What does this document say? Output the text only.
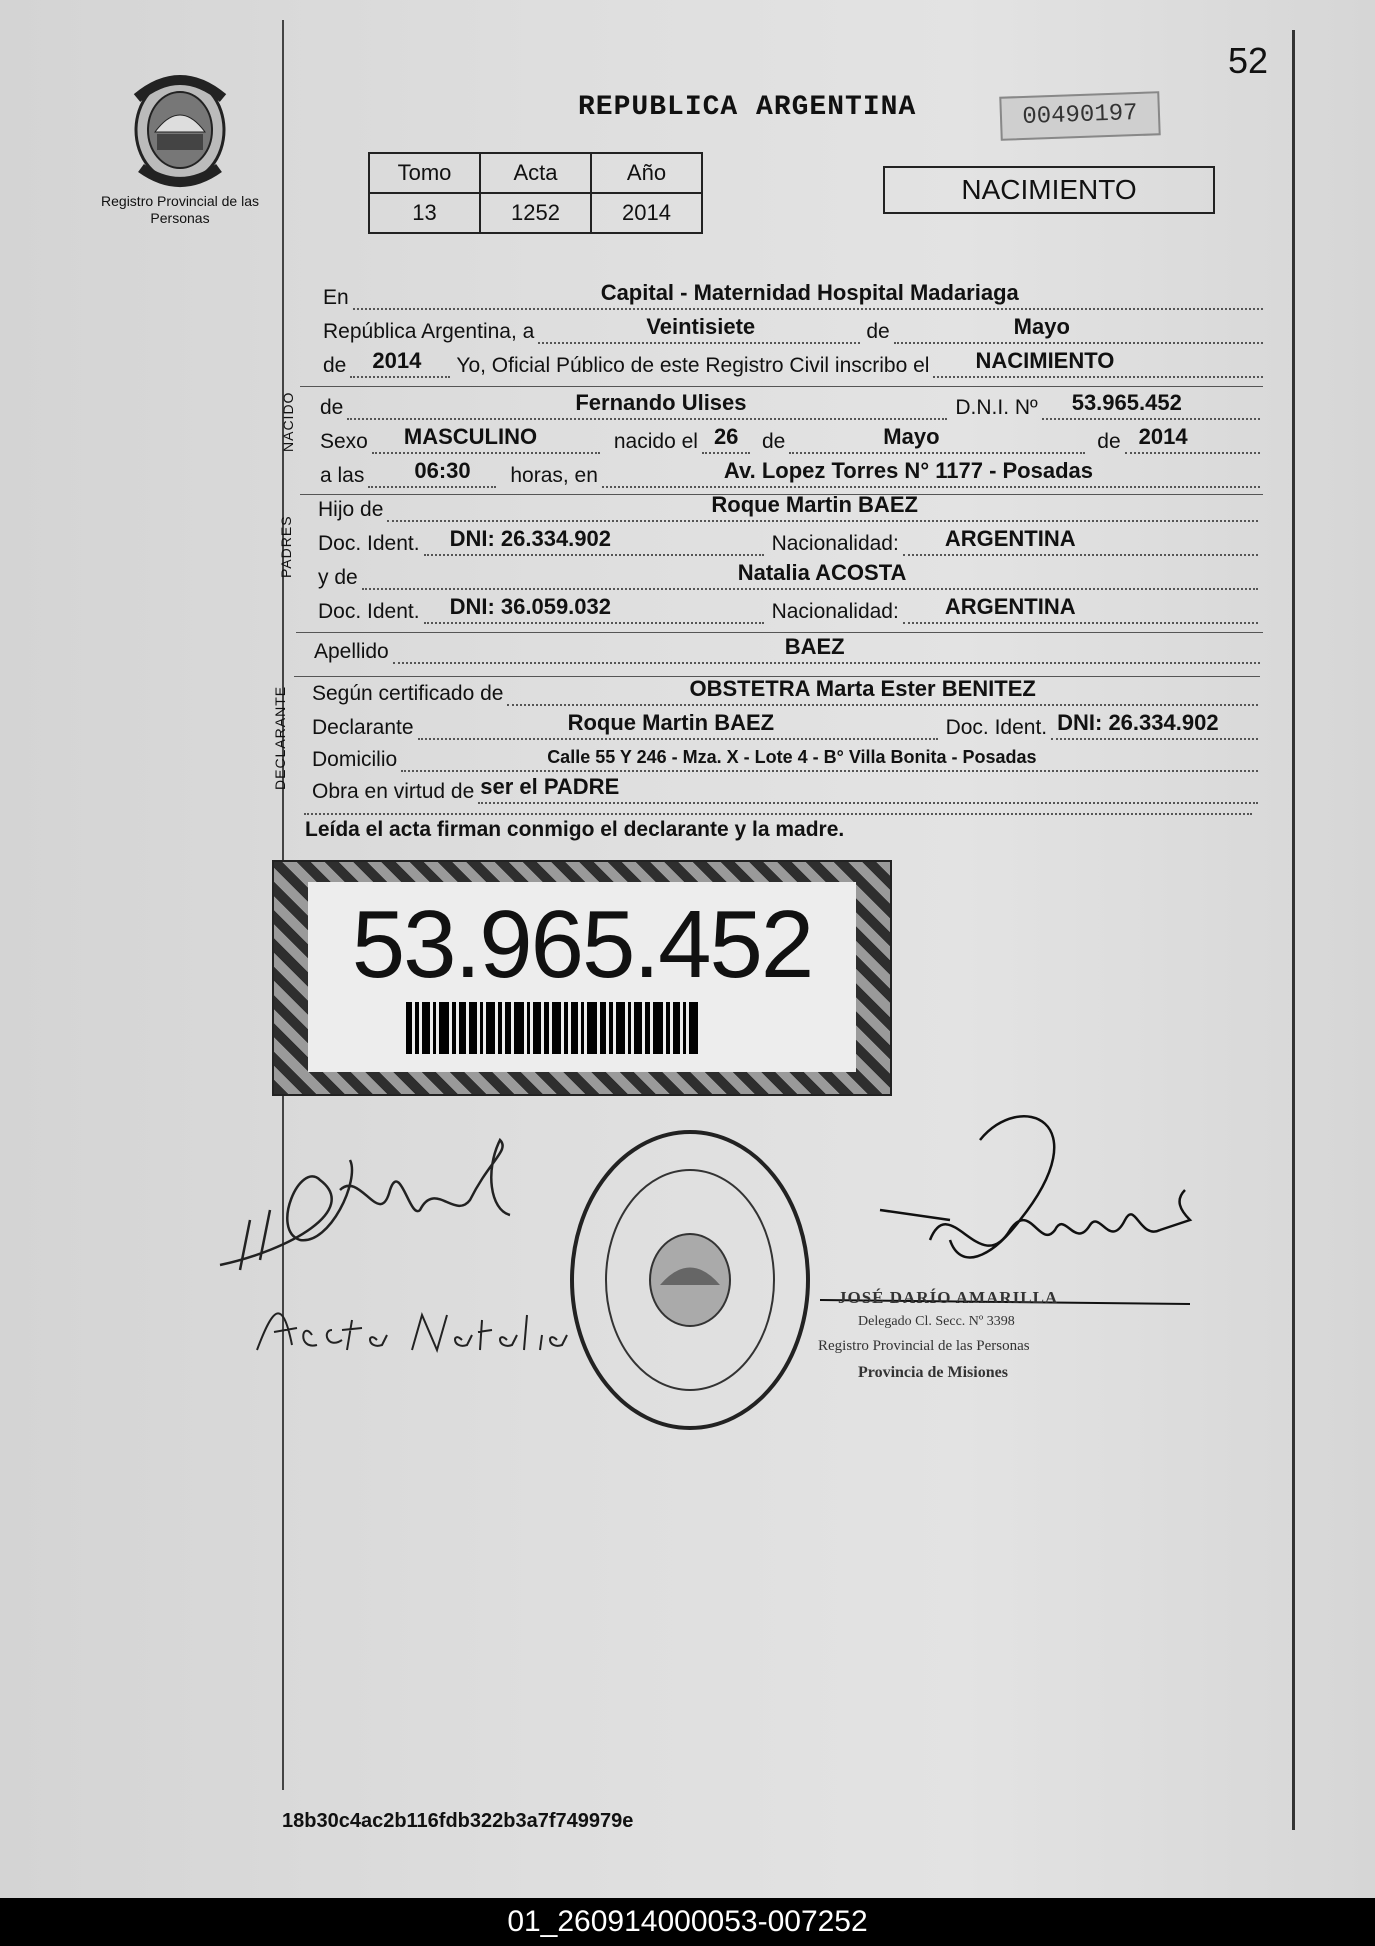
52
Registro Provincial de las Personas
REPUBLICA ARGENTINA	00490197
Tomo	Acta	Año
13	1252	2014
NACIMIENTO
En	Capital - Maternidad Hospital Madariaga
República Argentina, a	Veintisiete	de	Mayo
de 2014 Yo, Oficial Público de este Registro Civil inscribo el NACIMIENTO
NACIDO de	Fernando Ulises	D.N.I. Nº 53.965.452
Sexo MASCULINO	nacido el 26	de	Mayo	de 2014
a las 06:30	horas, en	Av. Lopez Torres N° 1177 - Posadas
PADRES
Hijo de	Roque Martin BAEZ
Doc. Ident. DNI: 26.334.902	Nacionalidad: ARGENTINA
y de	Natalia ACOSTA
Doc. Ident. DNI: 36.059.032	Nacionalidad: ARGENTINA
Apellido	BAEZ
DECLARANTE Según certificado de	OBSTETRA Marta Ester BENITEZ
Declarante	Roque Martin BAEZ	Doc. Ident. DNI: 26.334.902
Domicilio	Calle 55 Y 246 - Mza. X - Lote 4 - B° Villa Bonita - Posadas
Obra en virtud de ser el PADRE
Leída el acta firman conmigo el declarante y la madre.
53.965.452
JOSÉ DARÍO AMARILLA
Delegado Cl. Secc. Nº 3398
Registro Provincial de las Personas
Provincia de Misiones
18b30c4ac2b116fdb322b3a7f749979e
01_260914000053-007252
